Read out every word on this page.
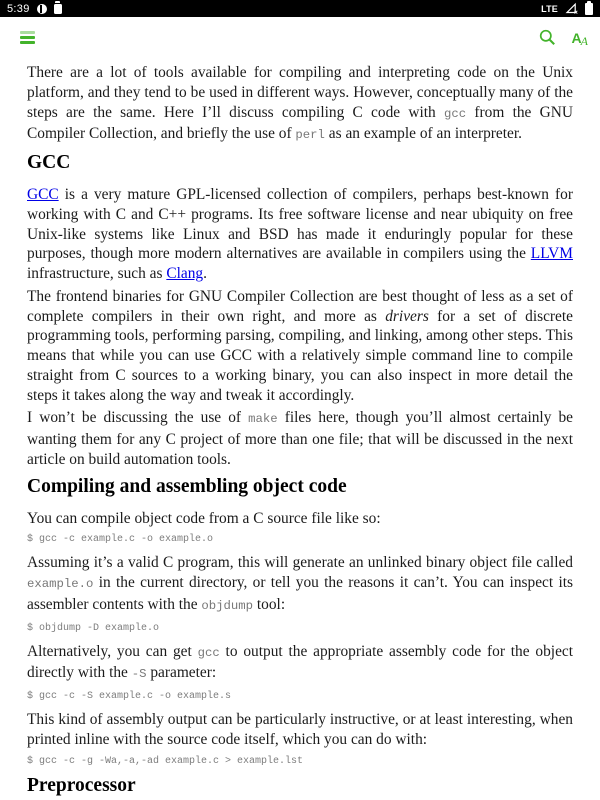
5:39	LTE
A A

There are a lot of tools available for compiling and interpreting code on the Unix platform, and they tend to be used in different ways. However, conceptually many of the steps are the same. Here I’ll discuss compiling C code with gcc from the GNU Compiler Collection, and briefly the use of perl as an example of an interpreter.

GCC

GCC is a very mature GPL-licensed collection of compilers, perhaps best-known for working with C and C++ programs. Its free software license and near ubiquity on free Unix-like systems like Linux and BSD has made it enduringly popular for these purposes, though more modern alternatives are available in compilers using the LLVM infrastructure, such as Clang.

The frontend binaries for GNU Compiler Collection are best thought of less as a set of complete compilers in their own right, and more as drivers for a set of discrete programming tools, performing parsing, compiling, and linking, among other steps. This means that while you can use GCC with a relatively simple command line to compile straight from C sources to a working binary, you can also inspect in more detail the steps it takes along the way and tweak it accordingly.

I won’t be discussing the use of make files here, though you’ll almost certainly be wanting them for any C project of more than one file; that will be discussed in the next article on build automation tools.

Compiling and assembling object code

You can compile object code from a C source file like so:

$ gcc -c example.c -o example.o

Assuming it’s a valid C program, this will generate an unlinked binary object file called example.o in the current directory, or tell you the reasons it can’t. You can inspect its assembler contents with the objdump tool:

$ objdump -D example.o

Alternatively, you can get gcc to output the appropriate assembly code for the object directly with the -S parameter:

$ gcc -c -S example.c -o example.s

This kind of assembly output can be particularly instructive, or at least interesting, when printed inline with the source code itself, which you can do with:

$ gcc -c -g -Wa,-a,-ad example.c > example.lst
Preprocessor
